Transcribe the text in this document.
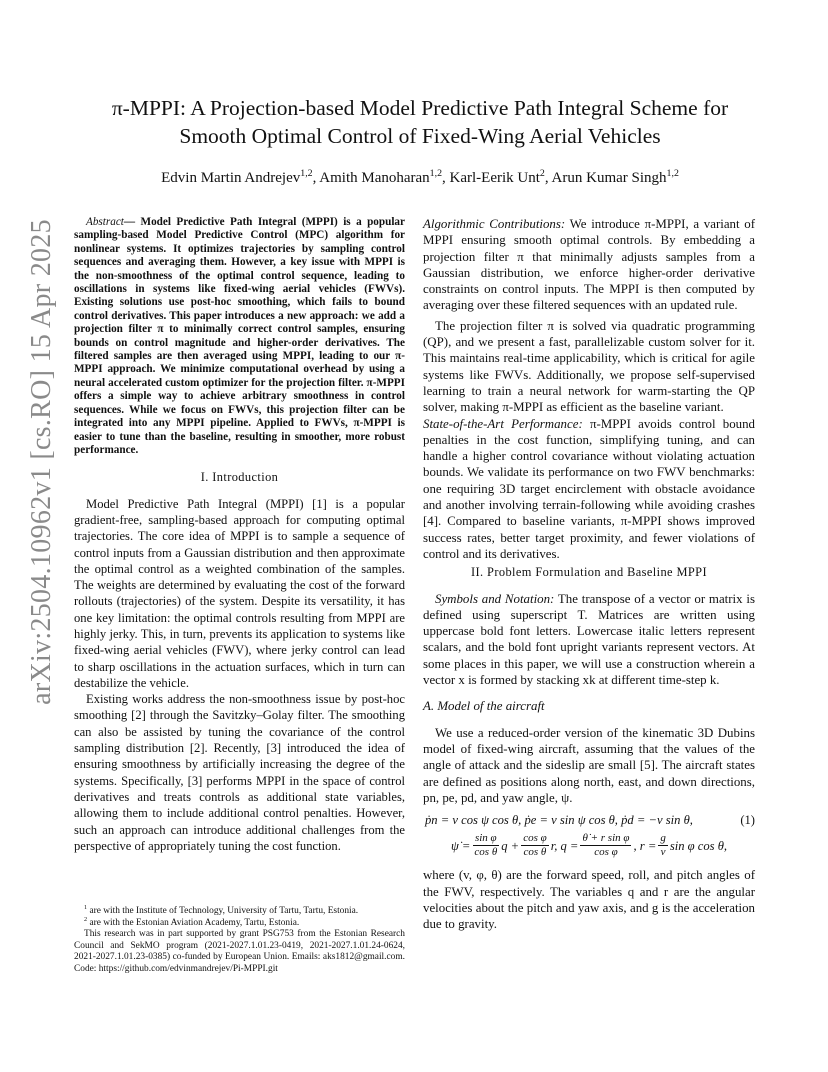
arXiv:2504.10962v1 [cs.RO] 15 Apr 2025
π-MPPI: A Projection-based Model Predictive Path Integral Scheme for
Smooth Optimal Control of Fixed-Wing Aerial Vehicles
Edvin Martin Andrejev$^{1,2}$, Amith Manoharan$^{1,2}$, Karl-Eerik Unt$^2$, Arun Kumar Singh$^{1,2}$

Abstract— Model Predictive Path Integral (MPPI) is a popular sampling-based Model Predictive Control (MPC) algorithm for nonlinear systems. It optimizes trajectories by sampling control sequences and averaging them. However, a key issue with MPPI is the non-smoothness of the optimal control sequence, leading to oscillations in systems like fixed-wing aerial vehicles (FWVs). Existing solutions use post-hoc smoothing, which fails to bound control derivatives. This paper introduces a new approach: we add a projection filter π to minimally correct control samples, ensuring bounds on control magnitude and higher-order derivatives. The filtered samples are then averaged using MPPI, leading to our π-MPPI approach. We minimize computational overhead by using a neural accelerated custom optimizer for the projection filter. π-MPPI offers a simple way to achieve arbitrary smoothness in control sequences. While we focus on FWVs, this projection filter can be integrated into any MPPI pipeline. Applied to FWVs, π-MPPI is easier to tune than the baseline, resulting in smoother, more robust performance.

I. Introduction

Model Predictive Path Integral (MPPI) [1] is a popular gradient-free, sampling-based approach for computing optimal trajectories. The core idea of MPPI is to sample a sequence of control inputs from a Gaussian distribution and then approximate the optimal control as a weighted combination of the samples. The weights are determined by evaluating the cost of the forward rollouts (trajectories) of the system. Despite its versatility, it has one key limitation: the optimal controls resulting from MPPI are highly jerky. This, in turn, prevents its application to systems like fixed-wing aerial vehicles (FWV), where jerky control can lead to sharp oscillations in the actuation surfaces, which in turn can destabilize the vehicle.

Existing works address the non-smoothness issue by post-hoc smoothing [2] through the Savitzky–Golay filter. The smoothing can also be assisted by tuning the covariance of the control sampling distribution [2]. Recently, [3] introduced the idea of ensuring smoothness by artificially increasing the degree of the systems. Specifically, [3] performs MPPI in the space of control derivatives and treats controls as additional state variables, allowing them to include additional control penalties. However, such an approach can introduce additional challenges from the perspective of appropriately tuning the cost function.

$^1$ are with the Institute of Technology, University of Tartu, Tartu, Estonia.

$^2$ are with the Estonian Aviation Academy, Tartu, Estonia.

This research was in part supported by grant PSG753 from the Estonian Research Council and SekMO program (2021-2027.1.01.23-0419, 2021-2027.1.01.24-0624, 2021-2027.1.01.23-0385) co-funded by European Union. Emails: aks1812@gmail.com. Code: https://github.com/edvinmandrejev/Pi-MPPI.git

Algorithmic Contributions: We introduce π-MPPI, a variant of MPPI ensuring smooth optimal controls. By embedding a projection filter π that minimally adjusts samples from a Gaussian distribution, we enforce higher-order derivative constraints on control inputs. The MPPI is then computed by averaging over these filtered sequences with an updated rule.

The projection filter π is solved via quadratic programming (QP), and we present a fast, parallelizable custom solver for it. This maintains real-time applicability, which is critical for agile systems like FWVs. Additionally, we propose self-supervised learning to train a neural network for warm-starting the QP solver, making π-MPPI as efficient as the baseline variant.

State-of-the-Art Performance: π-MPPI avoids control bound penalties in the cost function, simplifying tuning, and can handle a higher control covariance without violating actuation bounds. We validate its performance on two FWV benchmarks: one requiring 3D target encirclement with obstacle avoidance and another involving terrain-following while avoiding crashes [4]. Compared to baseline variants, π-MPPI shows improved success rates, better target proximity, and fewer violations of control and its derivatives.

II. Problem Formulation and Baseline MPPI

Symbols and Notation: The transpose of a vector or matrix is defined using superscript T. Matrices are written using uppercase bold font letters. Lowercase italic letters represent scalars, and the bold font upright variants represent vectors. At some places in this paper, we will use a construction wherein a vector x is formed by stacking xk at different time-step k.

A. Model of the aircraft

We use a reduced-order version of the kinematic 3D Dubins model of fixed-wing aircraft, assuming that the values of the angle of attack and the sideslip are small [5]. The aircraft states are defined as positions along north, east, and down directions, pn, pe, pd, and yaw angle, ψ.

ṗn = v cos ψ cos θ, ṗe = v sin ψ cos θ, ṗd = −v sin θ,	(1)
ψ̇ = $\frac{\text{sin φ}}{\text{cos θ}}$ $q + \frac{\text{cos φ}}{\text{cos θ}} r$, $q = \frac{\text{θ̇ + r sin φ}}{\text{cos φ}}$ , $r = \frac{g}{v}$ sin φ cos θ,

where (v, φ, θ) are the forward speed, roll, and pitch angles of the FWV, respectively. The variables q and r are the angular velocities about the pitch and yaw axis, and g is the acceleration due to gravity.
